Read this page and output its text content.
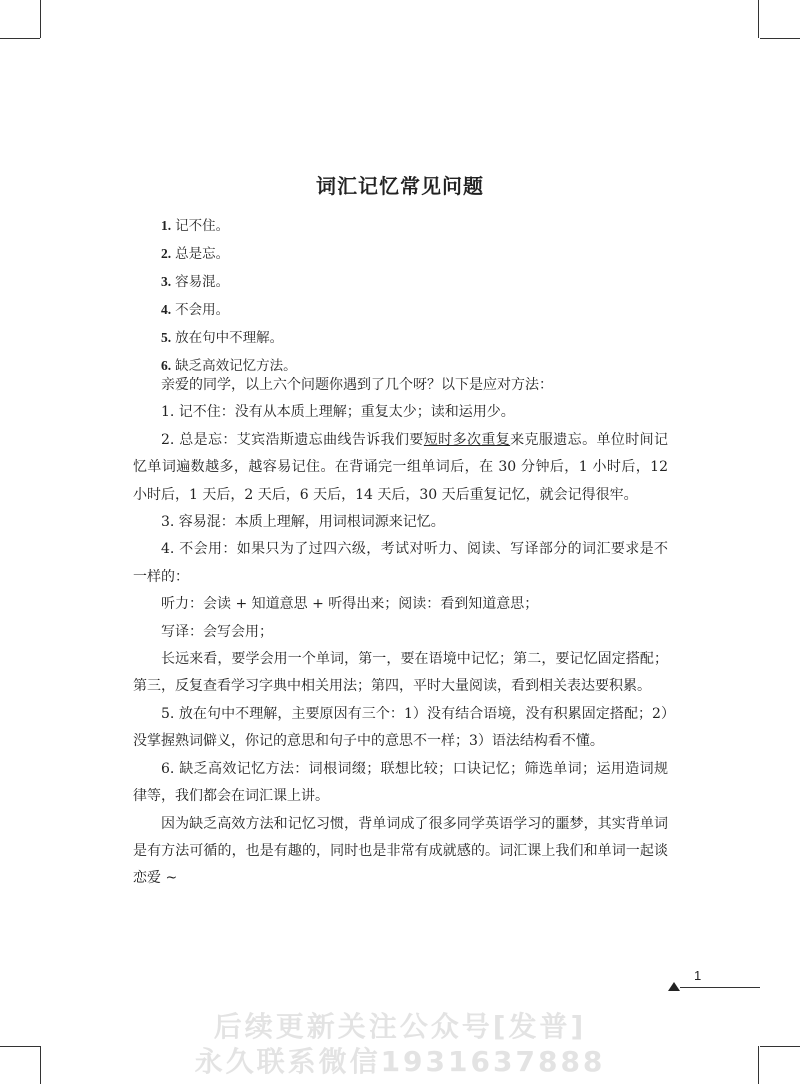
词汇记忆常见问题
1. 记不住。
2. 总是忘。
3. 容易混。
4. 不会用。
5. 放在句中不理解。
6. 缺乏高效记忆方法。

亲爱的同学，以上六个问题你遇到了几个呀？以下是应对方法：

1. 记不住：没有从本质上理解；重复太少；读和运用少。

2. 总是忘：艾宾浩斯遗忘曲线告诉我们要短时多次重复来克服遗忘。单位时间记忆单词遍数越多，越容易记住。在背诵完一组单词后，在 30 分钟后，1 小时后，12 小时后，1 天后，2 天后，6 天后，14 天后，30 天后重复记忆，就会记得很牢。

3. 容易混：本质上理解，用词根词源来记忆。

4. 不会用：如果只为了过四六级，考试对听力、阅读、写译部分的词汇要求是不一样的：

听力：会读 + 知道意思 + 听得出来；阅读：看到知道意思；

写译：会写会用；

长远来看，要学会用一个单词，第一，要在语境中记忆；第二，要记忆固定搭配；第三，反复查看学习字典中相关用法；第四，平时大量阅读，看到相关表达要积累。

5. 放在句中不理解，主要原因有三个：1）没有结合语境，没有积累固定搭配；2）没掌握熟词僻义，你记的意思和句子中的意思不一样；3）语法结构看不懂。

6. 缺乏高效记忆方法：词根词缀；联想比较；口诀记忆；筛选单词；运用造词规律等，我们都会在词汇课上讲。

因为缺乏高效方法和记忆习惯，背单词成了很多同学英语学习的噩梦，其实背单词是有方法可循的，也是有趣的，同时也是非常有成就感的。词汇课上我们和单词一起谈恋爱 ~

1
后续更新关注公众号[发普]
永久联系微信1931637888
